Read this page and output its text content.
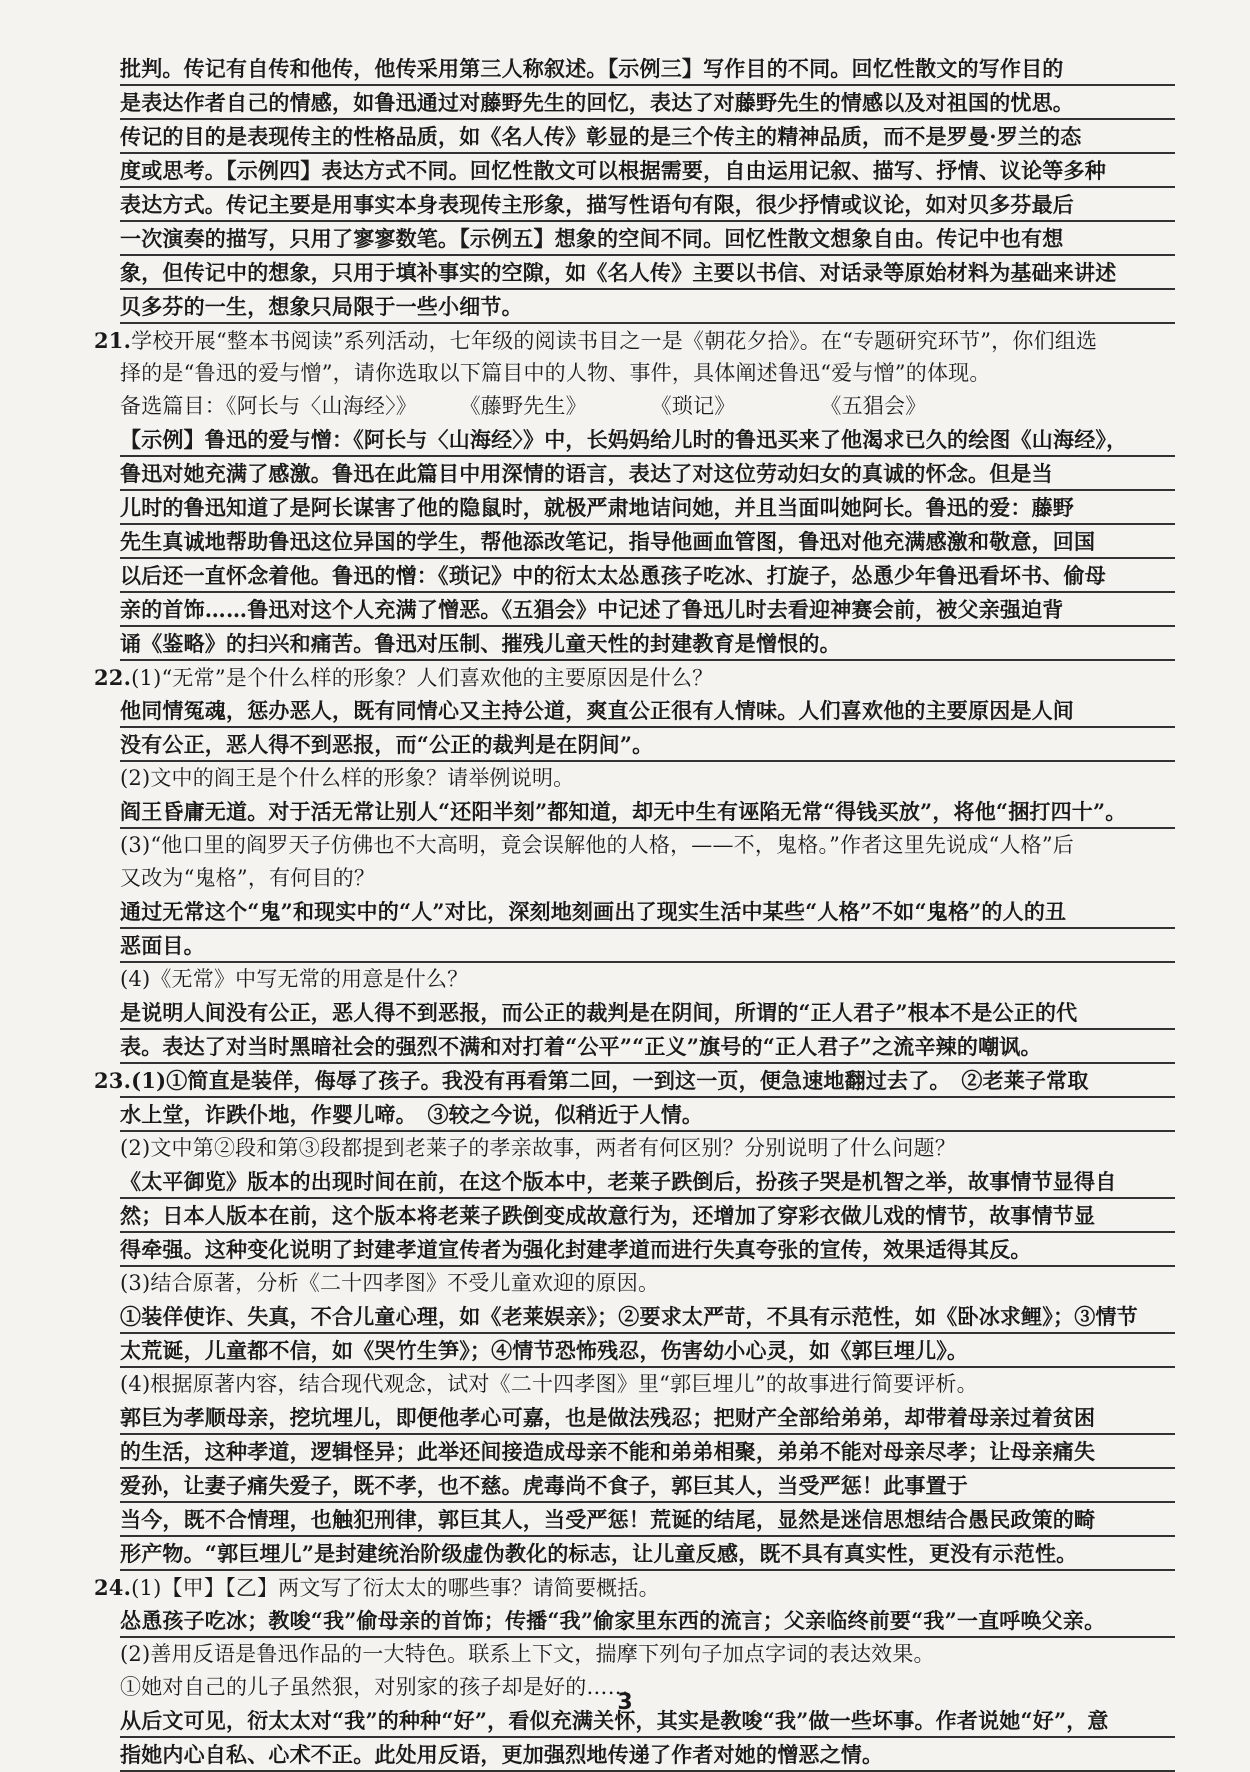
批判。传记有自传和他传，他传采用第三人称叙述。【示例三】写作目的不同。回忆性散文的写作目的
是表达作者自己的情感，如鲁迅通过对藤野先生的回忆，表达了对藤野先生的情感以及对祖国的忧思。
传记的目的是表现传主的性格品质，如《名人传》彰显的是三个传主的精神品质，而不是罗曼·罗兰的态
度或思考。【示例四】表达方式不同。回忆性散文可以根据需要，自由运用记叙、描写、抒情、议论等多种
表达方式。传记主要是用事实本身表现传主形象，描写性语句有限，很少抒情或议论，如对贝多芬最后
一次演奏的描写，只用了寥寥数笔。【示例五】想象的空间不同。回忆性散文想象自由。传记中也有想
象，但传记中的想象，只用于填补事实的空隙，如《名人传》主要以书信、对话录等原始材料为基础来讲述
贝多芬的一生，想象只局限于一些小细节。
21.学校开展“整本书阅读”系列活动，七年级的阅读书目之一是《朝花夕拾》。在“专题研究环节”，你们组选
择的是“鲁迅的爱与憎”，请你选取以下篇目中的人物、事件，具体阐述鲁迅“爱与憎”的体现。
备选篇目：《阿长与〈山海经〉》　　　《藤野先生》　　　　《琐记》　　　　　《五猖会》
【示例】鲁迅的爱与憎：《阿长与〈山海经〉》中，长妈妈给儿时的鲁迅买来了他渴求已久的绘图《山海经》，
鲁迅对她充满了感激。鲁迅在此篇目中用深情的语言，表达了对这位劳动妇女的真诚的怀念。但是当
儿时的鲁迅知道了是阿长谋害了他的隐鼠时，就极严肃地诘问她，并且当面叫她阿长。鲁迅的爱：藤野
先生真诚地帮助鲁迅这位异国的学生，帮他添改笔记，指导他画血管图，鲁迅对他充满感激和敬意，回国
以后还一直怀念着他。鲁迅的憎：《琐记》中的衍太太怂恿孩子吃冰、打旋子，怂恿少年鲁迅看坏书、偷母
亲的首饰……鲁迅对这个人充满了憎恶。《五猖会》中记述了鲁迅儿时去看迎神赛会前，被父亲强迫背
诵《鉴略》的扫兴和痛苦。鲁迅对压制、摧残儿童天性的封建教育是憎恨的。
22.(1)“无常”是个什么样的形象？人们喜欢他的主要原因是什么？
他同情冤魂，惩办恶人，既有同情心又主持公道，爽直公正很有人情味。人们喜欢他的主要原因是人间
没有公正，恶人得不到恶报，而“公正的裁判是在阴间”。
(2)文中的阎王是个什么样的形象？请举例说明。
阎王昏庸无道。对于活无常让别人“还阳半刻”都知道，却无中生有诬陷无常“得钱买放”，将他“捆打四十”。
(3)“他口里的阎罗天子仿佛也不大高明，竟会误解他的人格，——不，鬼格。”作者这里先说成“人格”后
又改为“鬼格”，有何目的？
通过无常这个“鬼”和现实中的“人”对比，深刻地刻画出了现实生活中某些“人格”不如“鬼格”的人的丑
恶面目。
(4)《无常》中写无常的用意是什么？
是说明人间没有公正，恶人得不到恶报，而公正的裁判是在阴间，所谓的“正人君子”根本不是公正的代
表。表达了对当时黑暗社会的强烈不满和对打着“公平”“正义”旗号的“正人君子”之流辛辣的嘲讽。
23.(1)①简直是装佯，侮辱了孩子。我没有再看第二回，一到这一页，便急速地翻过去了。　②老莱子常取
水上堂，诈跌仆地，作婴儿啼。　③较之今说，似稍近于人情。
(2)文中第②段和第③段都提到老莱子的孝亲故事，两者有何区别？分别说明了什么问题？
《太平御览》版本的出现时间在前，在这个版本中，老莱子跌倒后，扮孩子哭是机智之举，故事情节显得自
然；日本人版本在前，这个版本将老莱子跌倒变成故意行为，还增加了穿彩衣做儿戏的情节，故事情节显
得牵强。这种变化说明了封建孝道宣传者为强化封建孝道而进行失真夸张的宣传，效果适得其反。
(3)结合原著，分析《二十四孝图》不受儿童欢迎的原因。
①装佯使诈、失真，不合儿童心理，如《老莱娱亲》；②要求太严苛，不具有示范性，如《卧冰求鲤》；③情节
太荒诞，儿童都不信，如《哭竹生笋》；④情节恐怖残忍，伤害幼小心灵，如《郭巨埋儿》。
(4)根据原著内容，结合现代观念，试对《二十四孝图》里“郭巨埋儿”的故事进行简要评析。
郭巨为孝顺母亲，挖坑埋儿，即便他孝心可嘉，也是做法残忍；把财产全部给弟弟，却带着母亲过着贫困
的生活，这种孝道，逻辑怪异；此举还间接造成母亲不能和弟弟相聚，弟弟不能对母亲尽孝；让母亲痛失
爱孙，让妻子痛失爱子，既不孝，也不慈。虎毒尚不食子，郭巨其人，当受严惩！此事置于
当今，既不合情理，也触犯刑律，郭巨其人，当受严惩！荒诞的结尾，显然是迷信思想结合愚民政策的畸
形产物。“郭巨埋儿”是封建统治阶级虚伪教化的标志，让儿童反感，既不具有真实性，更没有示范性。
24.(1)【甲】【乙】两文写了衍太太的哪些事？请简要概括。
怂恿孩子吃冰；教唆“我”偷母亲的首饰；传播“我”偷家里东西的流言；父亲临终前要“我”一直呼唤父亲。
(2)善用反语是鲁迅作品的一大特色。联系上下文，揣摩下列句子加点字词的表达效果。
①她对自己的儿子虽然狠，对别家的孩子却是好的……
从后文可见，衍太太对“我”的种种“好”，看似充满关怀，其实是教唆“我”做一些坏事。作者说她“好”，意
指她内心自私、心术不正。此处用反语，更加强烈地传递了作者对她的憎恶之情。
3
